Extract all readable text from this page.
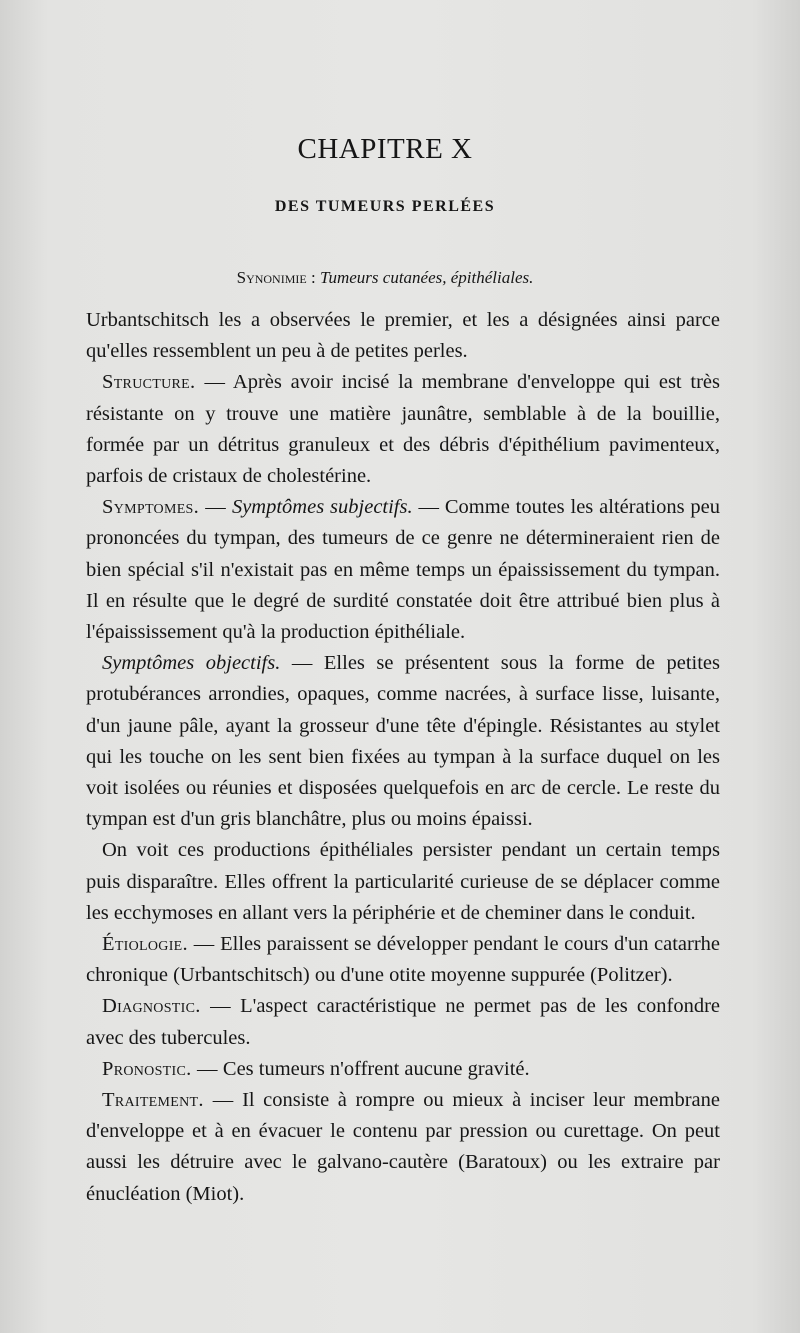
CHAPITRE X
DES TUMEURS PERLÉES
Synonimie : Tumeurs cutanées, épithéliales.

Urbantschitsch les a observées le premier, et les a désignées ainsi parce qu'elles ressemblent un peu à de petites perles.

Structure. — Après avoir incisé la membrane d'enveloppe qui est très résistante on y trouve une matière jaunâtre, semblable à de la bouillie, formée par un détritus granuleux et des débris d'épithélium pavimenteux, parfois de cristaux de cholestérine.

Symptomes. — Symptômes subjectifs. — Comme toutes les altérations peu prononcées du tympan, des tumeurs de ce genre ne détermineraient rien de bien spécial s'il n'existait pas en même temps un épaississement du tympan. Il en résulte que le degré de surdité constatée doit être attribué bien plus à l'épaississement qu'à la production épithéliale.

Symptômes objectifs. — Elles se présentent sous la forme de petites protubérances arrondies, opaques, comme nacrées, à surface lisse, luisante, d'un jaune pâle, ayant la grosseur d'une tête d'épingle. Résistantes au stylet qui les touche on les sent bien fixées au tympan à la surface duquel on les voit isolées ou réunies et disposées quelquefois en arc de cercle. Le reste du tympan est d'un gris blanchâtre, plus ou moins épaissi.

On voit ces productions épithéliales persister pendant un certain temps puis disparaître. Elles offrent la particularité curieuse de se déplacer comme les ecchymoses en allant vers la périphérie et de cheminer dans le conduit.

Étiologie. — Elles paraissent se développer pendant le cours d'un catarrhe chronique (Urbantschitsch) ou d'une otite moyenne suppurée (Politzer).

Diagnostic. — L'aspect caractéristique ne permet pas de les confondre avec des tubercules.

Pronostic. — Ces tumeurs n'offrent aucune gravité.

Traitement. — Il consiste à rompre ou mieux à inciser leur membrane d'enveloppe et à en évacuer le contenu par pression ou curettage. On peut aussi les détruire avec le galvano-cautère (Baratoux) ou les extraire par énucléation (Miot).
